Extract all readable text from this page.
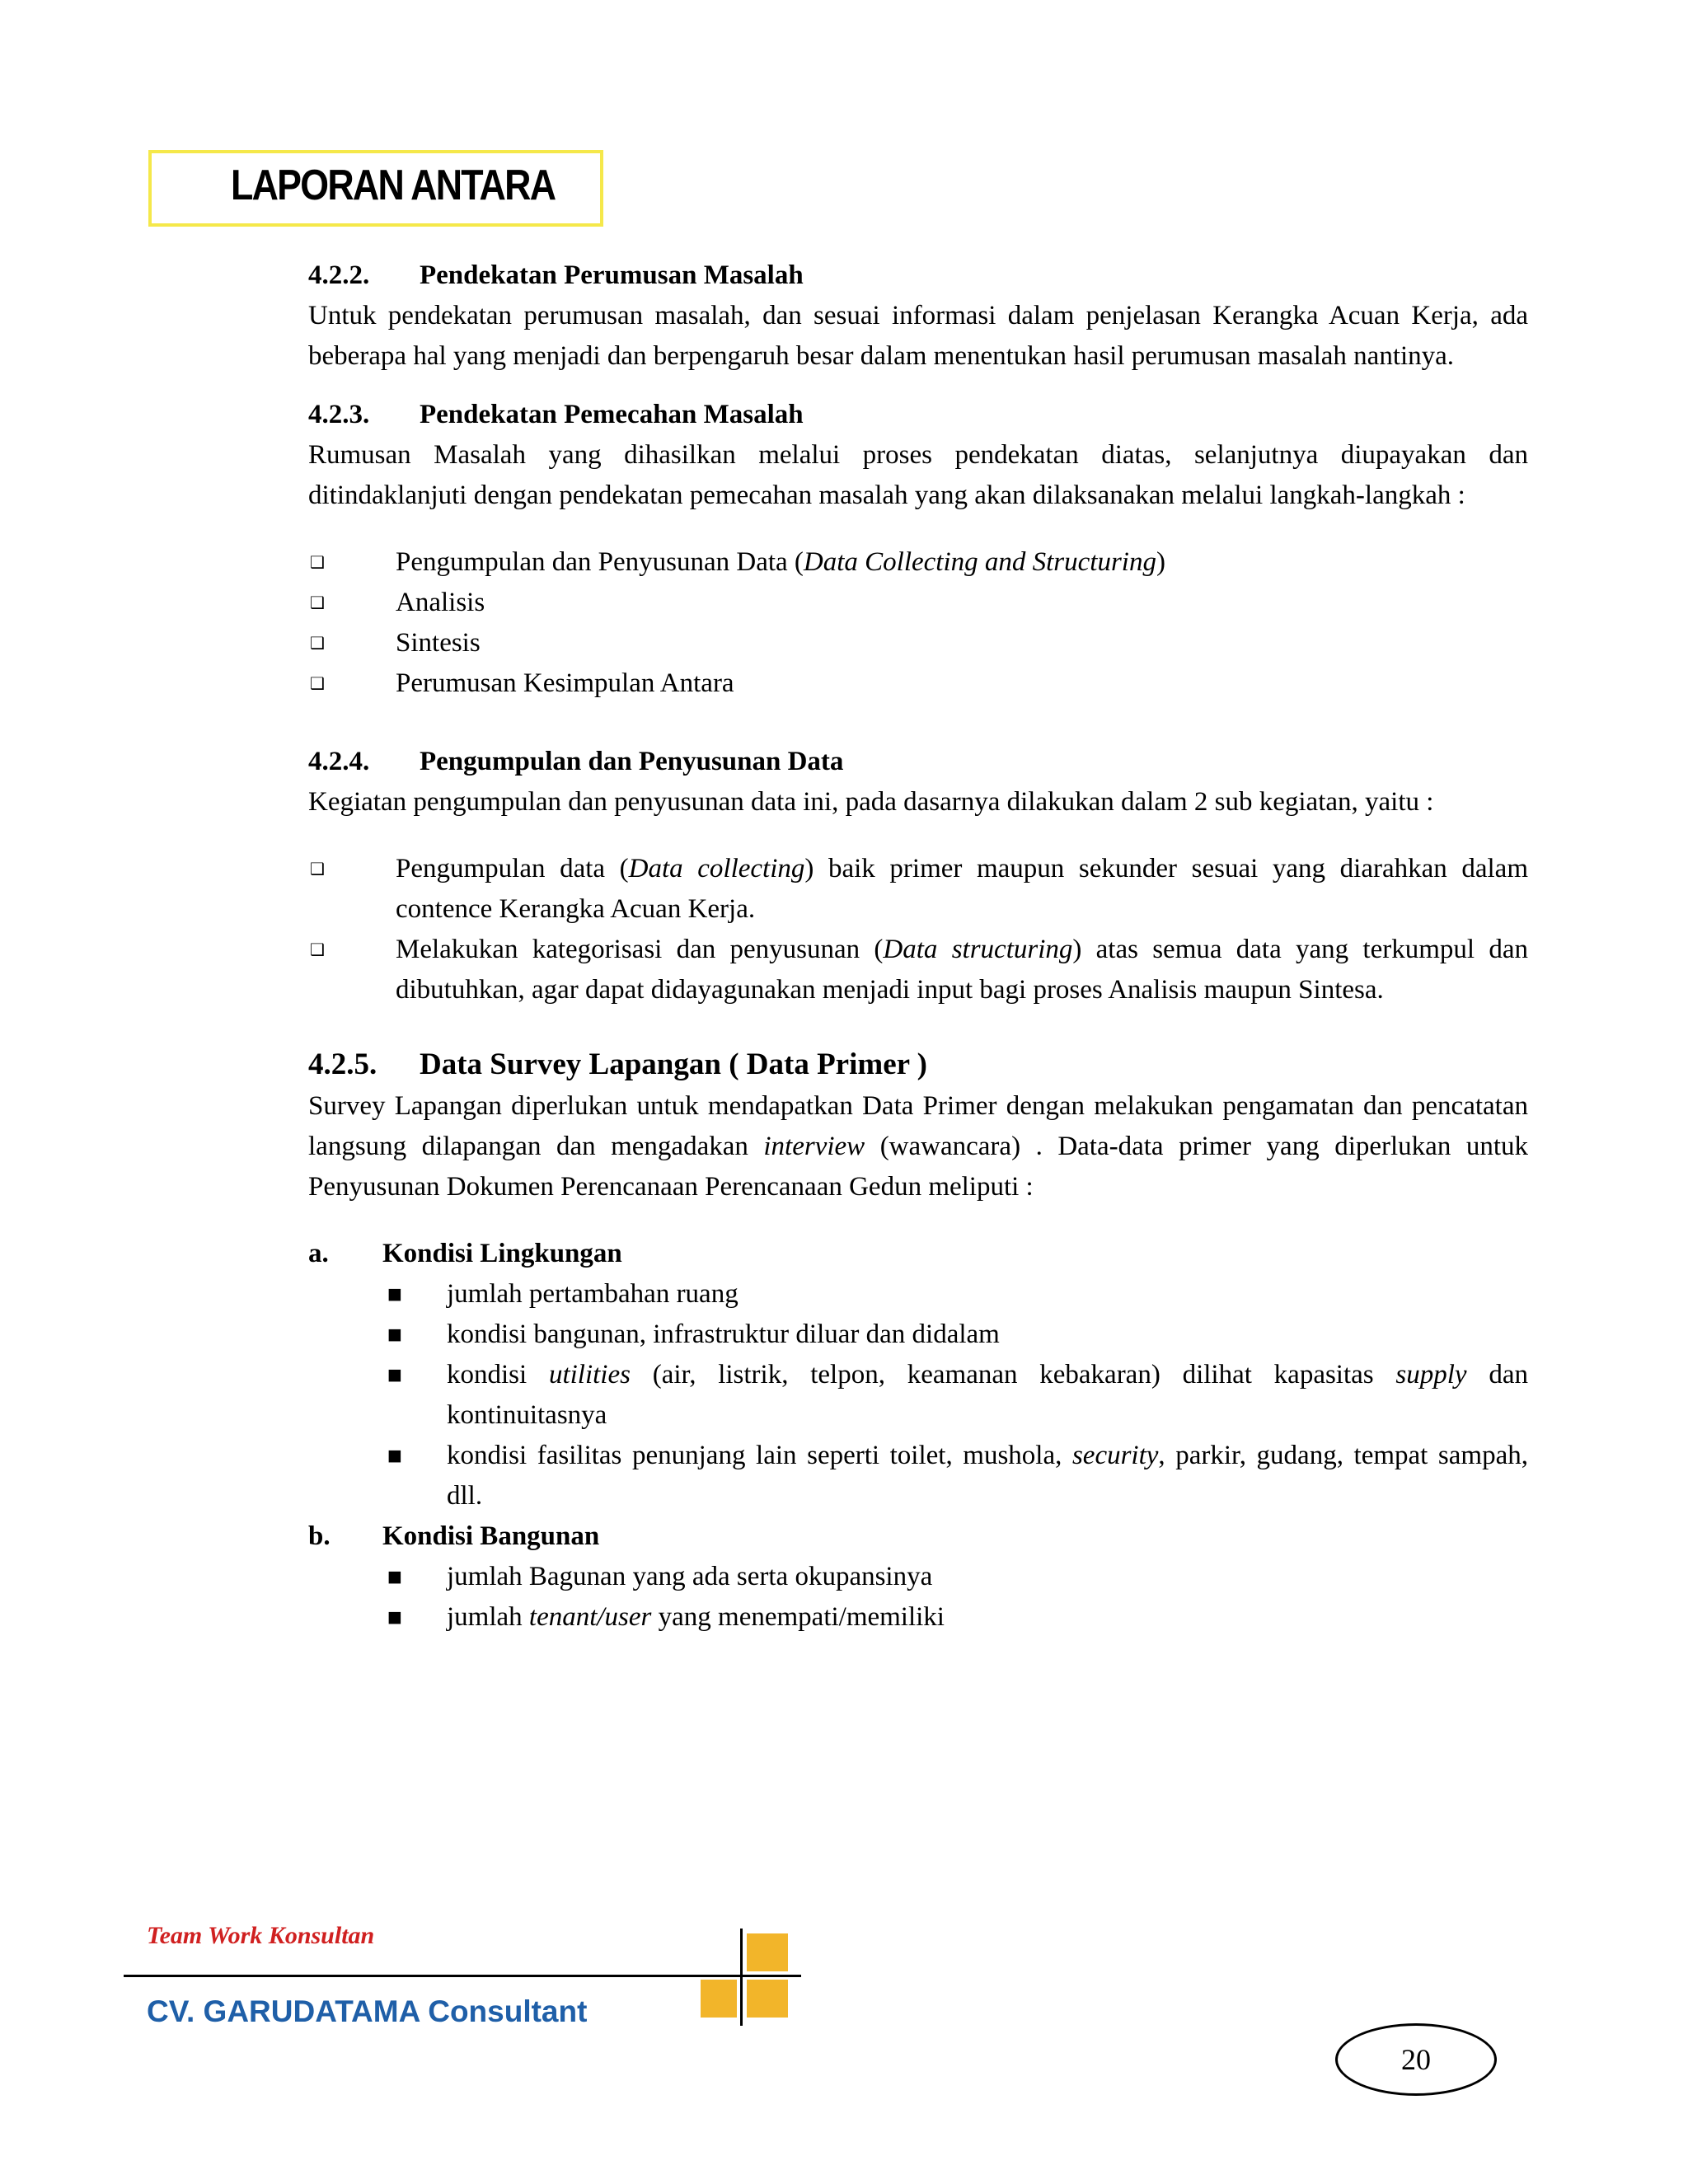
LAPORAN ANTARA
4.2.2.	Pendekatan Perumusan Masalah

Untuk pendekatan perumusan masalah, dan sesuai informasi dalam penjelasan Kerangka Acuan Kerja, ada beberapa hal yang menjadi dan berpengaruh besar dalam menentukan hasil perumusan masalah nantinya.

4.2.3.	Pendekatan Pemecahan Masalah

Rumusan Masalah yang dihasilkan melalui proses pendekatan diatas, selanjutnya diupayakan dan ditindaklanjuti dengan pendekatan pemecahan masalah yang akan dilaksanakan melalui langkah-langkah :

❑	Pengumpulan dan Penyusunan Data (Data Collecting and Structuring)
❑	Analisis
❑	Sintesis
❑	Perumusan Kesimpulan Antara
4.2.4.	Pengumpulan dan Penyusunan Data

Kegiatan pengumpulan dan penyusunan data ini, pada dasarnya dilakukan dalam 2 sub kegiatan, yaitu :

❑	Pengumpulan data (Data collecting) baik primer maupun sekunder sesuai yang diarahkan dalam contence Kerangka Acuan Kerja.
❑	Melakukan kategorisasi dan penyusunan (Data structuring) atas semua data yang terkumpul dan dibutuhkan, agar dapat didayagunakan menjadi input bagi proses Analisis maupun Sintesa.
4.2.5.	Data Survey Lapangan ( Data Primer )

Survey Lapangan diperlukan untuk mendapatkan Data Primer dengan melakukan pengamatan dan pencatatan langsung dilapangan dan mengadakan interview (wawancara) . Data-data primer yang diperlukan untuk Penyusunan Dokumen Perencanaan Perencanaan Gedun meliputi :

a.	Kondisi Lingkungan
■	jumlah pertambahan ruang
■	kondisi bangunan, infrastruktur diluar dan didalam
■	kondisi utilities (air, listrik, telpon, keamanan kebakaran) dilihat kapasitas supply dan kontinuitasnya
■	kondisi fasilitas penunjang lain seperti toilet, mushola, security, parkir, gudang, tempat sampah, dll.
b.	Kondisi Bangunan
■	jumlah Bagunan yang ada serta okupansinya
■	jumlah tenant/user yang menempati/memiliki
Team Work Konsultan
CV. GARUDATAMA Consultant
20
